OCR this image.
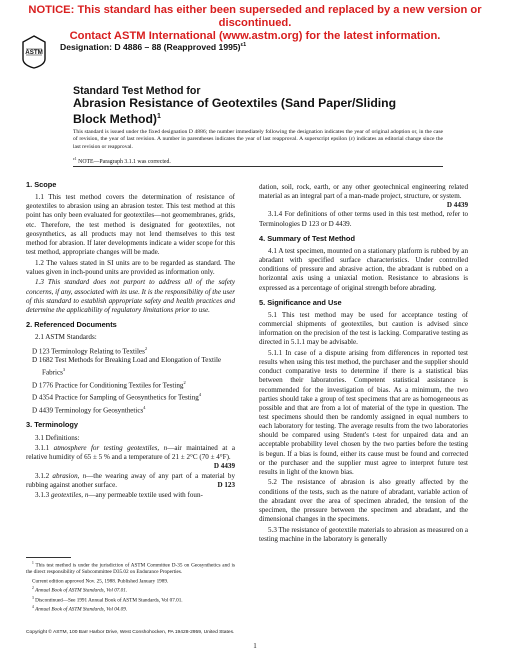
NOTICE: This standard has either been superseded and replaced by a new version or discontinued.
Contact ASTM International (www.astm.org) for the latest information.
ASTM
Designation: D 4886 – 88 (Reapproved 1995)$^{\varepsilon 1}$
Standard Test Method for
Abrasion Resistance of Geotextiles (Sand Paper/Sliding
Block Method)$^1$
This standard is issued under the fixed designation D 4886; the number immediately following the designation indicates the year of original adoption or, in the case of revision, the year of last revision. A number in parentheses indicates the year of last reapproval. A superscript epsilon (ε) indicates an editorial change since the last revision or reapproval.
$^{\varepsilon 1}$ NOTE—Paragraph 3.1.1 was corrected.
1. Scope

1.1 This test method covers the determination of resistance of geotextiles to abrasion using an abrasion tester. This test method at this point has only been evaluated for geotextiles—not geomembranes, grids, etc. Therefore, the test method is designated for geotextiles, not geosynthetics, as all products may not lend themselves to this test method for abrasion. If later developments indicate a wider scope for this test method, appropriate changes will be made.

1.2 The values stated in SI units are to be regarded as standard. The values given in inch-pound units are provided as information only.

1.3 This standard does not purport to address all of the safety concerns, if any, associated with its use. It is the responsibility of the user of this standard to establish appropriate safety and health practices and determine the applicability of regulatory limitations prior to use.

2. Referenced Documents

2.1 ASTM Standards:

D 123 Terminology Relating to Textiles$^2$

D 1682 Test Methods for Breaking Load and Elongation of Textile Fabrics$^3$

D 1776 Practice for Conditioning Textiles for Testing$^2$

D 4354 Practice for Sampling of Geosynthetics for Testing$^4$

D 4439 Terminology for Geosynthetics$^4$

3. Terminology

3.1 Definitions:

3.1.1 atmosphere for testing geotextiles, n—air maintained at a relative humidity of 65 ± 5 % and a temperature of 21 ± 2°C (70 ± 4°F).
D 4439

3.1.2 abrasion, n—the wearing away of any part of a material by rubbing against another surface.	D 123

3.1.3 geotextiles, n—any permeable textile used with foun-

dation, soil, rock, earth, or any other geotechnical engineering related material as an integral part of a man-made project, structure, or system.
D 4439

3.1.4 For definitions of other terms used in this test method, refer to Terminologies D 123 or D 4439.

4. Summary of Test Method

4.1 A test specimen, mounted on a stationary platform is rubbed by an abradant with specified surface characteristics. Under controlled conditions of pressure and abrasive action, the abradant is rubbed on a horizontal axis using a uniaxial motion. Resistance to abrasions is expressed as a percentage of original strength before abrading.

5. Significance and Use

5.1 This test method may be used for acceptance testing of commercial shipments of geotextiles, but caution is advised since information on the precision of the test is lacking. Comparative testing as directed in 5.1.1 may be advisable.

5.1.1 In case of a dispute arising from differences in reported test results when using this test method, the purchaser and the supplier should conduct comparative tests to determine if there is a statistical bias between their laboratories. Competent statistical assistance is recommended for the investigation of bias. As a minimum, the two parties should take a group of test specimens that are as homogeneous as possible and that are from a lot of material of the type in question. The test specimens should then be randomly assigned in equal numbers to each laboratory for testing. The average results from the two laboratories should be compared using Student's t-test for unpaired data and an acceptable probability level chosen by the two parties before the testing is begun. If a bias is found, either its cause must be found and corrected or the purchaser and the supplier must agree to interpret future test results in light of the known bias.

5.2 The resistance of abrasion is also greatly affected by the conditions of the tests, such as the nature of abradant, variable action of the abradant over the area of specimen abraded, the tension of the specimen, the pressure between the specimen and abradant, and the dimensional changes in the specimens.

5.3 The resistance of geotextile materials to abrasion as measured on a testing machine in the laboratory is generally

$^1$ This test method is under the jurisdiction of ASTM Committee D-35 on Geosynthetics and is the direct responsibility of Subcommittee D35.02 on Endurance Properties.
Current edition approved Nov. 25, 1988. Published January 1989.
$^2$ Annual Book of ASTM Standards, Vol 07.01.
$^3$ Discontinued—See 1991 Annual Book of ASTM Standards, Vol 07.01.
$^4$ Annual Book of ASTM Standards, Vol 04.09.
Copyright © ASTM, 100 Barr Harbor Drive, West Conshohocken, PA 19428-2959, United States.
1
